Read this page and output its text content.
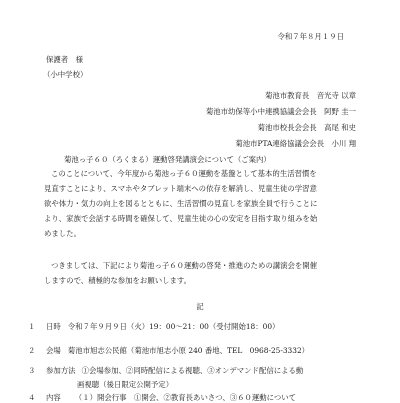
令和７年８月１９日
保護者　様
（小中学校）
菊池市教育長　音光寺 以章
菊池市幼保等小中連携協議会会長　阿野 圭一
菊池市校長会会長　高尾 和史
菊池市PTA連絡協議会会長　小川 翔
菊池っ子６０（ろくまる）運動啓発講演会について（ご案内）
このことについて、今年度から菊池っ子６０運動を基盤として基本的生活習慣を
見直すことにより、スマホやタブレット端末への依存を解消し、児童生徒の学習意
欲や体力・気力の向上を図るとともに、生活習慣の見直しを家族全員で行うことに
より、家族で会話する時間を確保して、児童生徒の心の安定を目指す取り組みを始
めました。
つきましては、下記により菊池っ子６０運動の啓発・推進のための講演会を開催
しますので、積極的な参加をお願いします。
記
１ 日時 令和７年９月９日（火）19：00～21：00（受付開始18：00）
２ 会場 菊池市旭志公民館（菊池市旭志小原 240 番地、TEL　0968-25-3332）
３ 参加方法 ①会場参加、②同時配信による視聴、③オンデマンド配信による動
画視聴（後日限定公開予定）
４ 内容 （１）開会行事　①開会、②教育長あいさつ、③６０運動について
